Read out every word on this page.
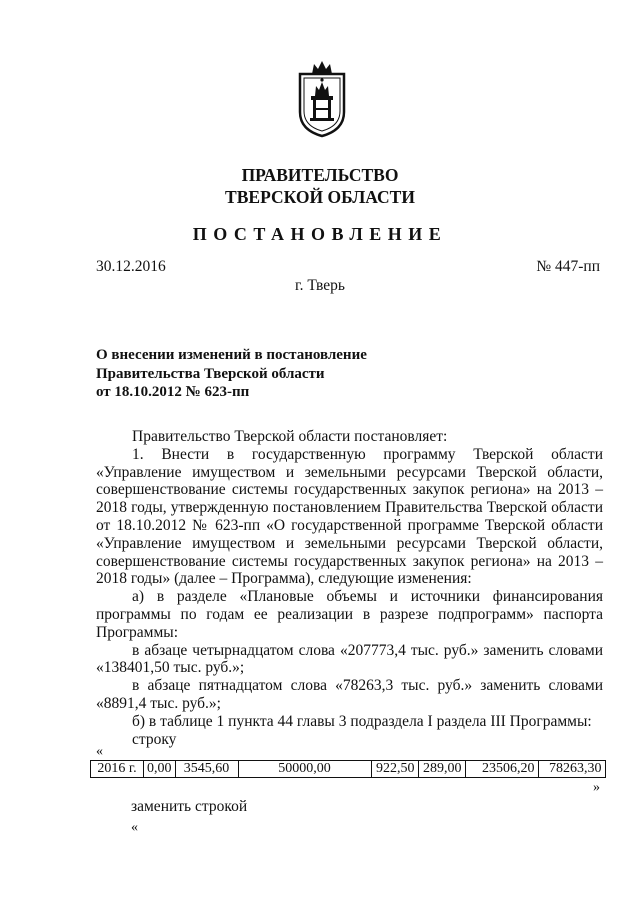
ПРАВИТЕЛЬСТВО
ТВЕРСКОЙ ОБЛАСТИ
ПОСТАНОВЛЕНИЕ
30.12.2016	№ 447-пп
г. Тверь
О внесении изменений в постановление
Правительства Тверской области
от 18.10.2012 № 623-пп
Правительство Тверской области постановляет:
1. Внести в государственную программу Тверской области
«Управление имуществом и земельными ресурсами Тверской области,
совершенствование системы государственных закупок региона» на 2013 –
2018 годы, утвержденную постановлением Правительства Тверской области
от 18.10.2012 № 623-пп «О государственной программе Тверской области
«Управление имуществом и земельными ресурсами Тверской области,
совершенствование системы государственных закупок региона» на 2013 –
2018 годы» (далее – Программа), следующие изменения:
а) в разделе «Плановые объемы и источники финансирования
программы по годам ее реализации в разрезе подпрограмм» паспорта
Программы:
в абзаце четырнадцатом слова «207773,4 тыс. руб.» заменить словами
«138401,50 тыс. руб.»;
в абзаце пятнадцатом слова «78263,3 тыс. руб.» заменить словами
«8891,4 тыс. руб.»;
б) в таблице 1 пункта 44 главы 3 подраздела I раздела III Программы:
строку
«
2016 г.	0,00	3545,60	50000,00	922,50	289,00	23506,20	78263,30
»
заменить строкой
«
